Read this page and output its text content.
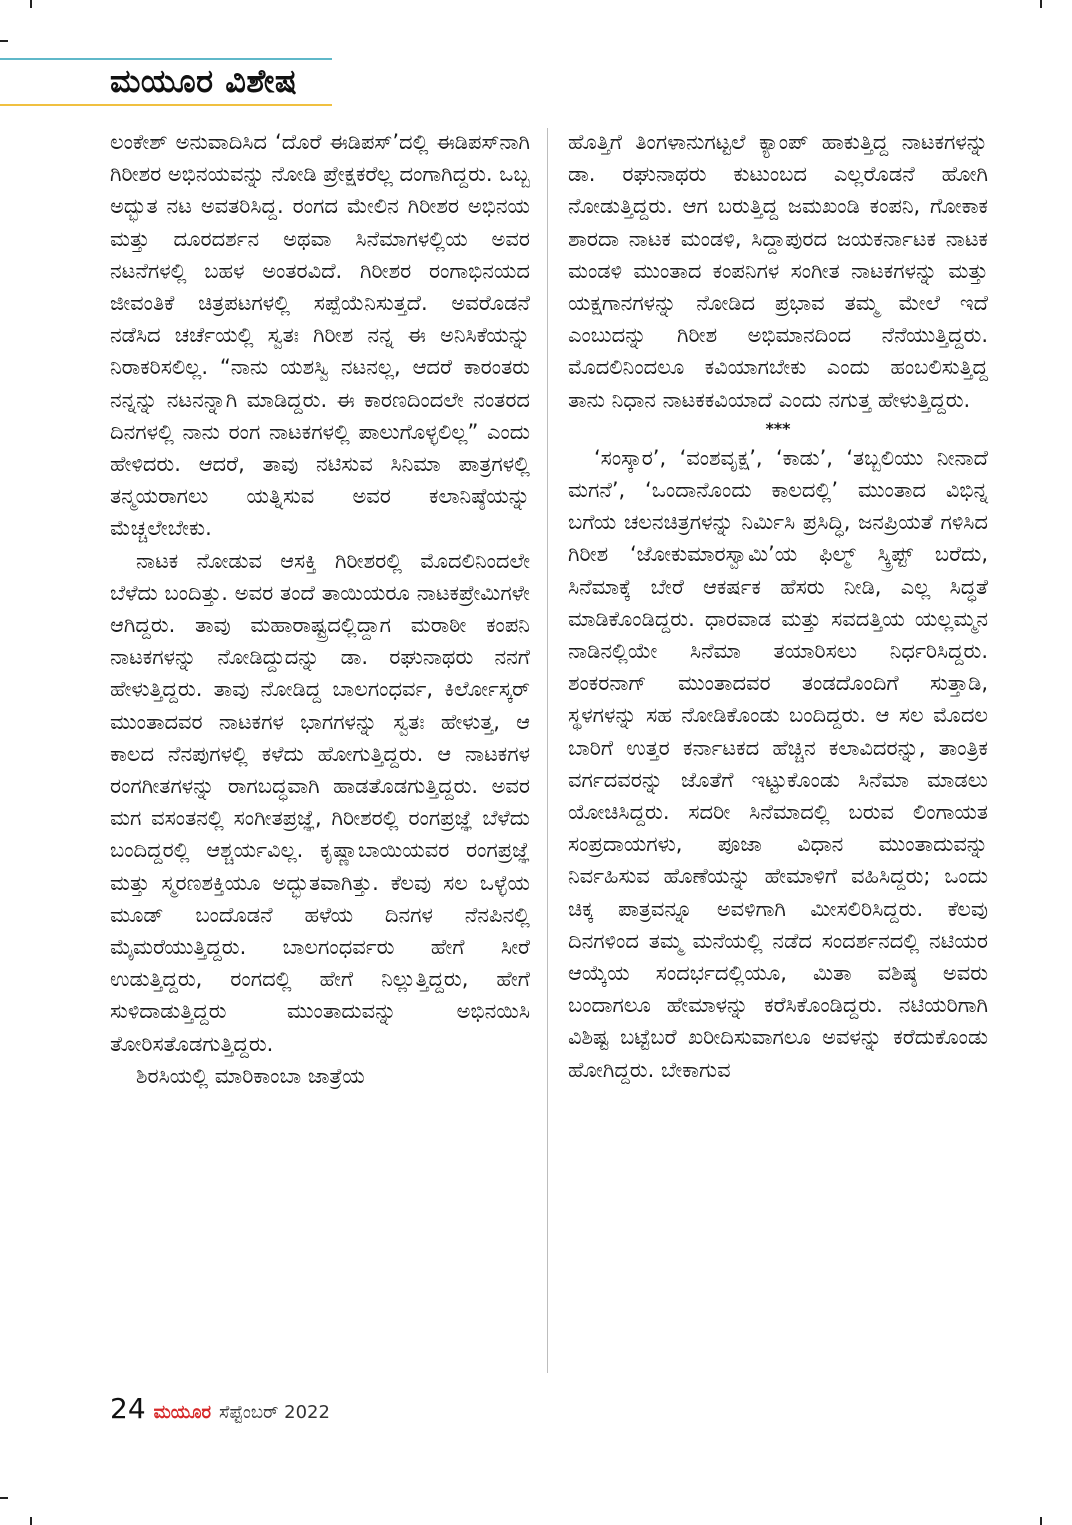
ಮಯೂರ ವಿಶೇಷ

ಲಂಕೇಶ್ ಅನುವಾದಿಸಿದ ‘ದೊರೆ ಈಡಿಪಸ್’ದಲ್ಲಿ ಈಡಿಪಸ್‌ನಾಗಿ ಗಿರೀಶರ ಅಭಿನಯವನ್ನು ನೋಡಿ ಪ್ರೇಕ್ಷಕರೆಲ್ಲ ದಂಗಾಗಿದ್ದರು. ಒಬ್ಬ ಅದ್ಭುತ ನಟ ಅವತರಿಸಿದ್ದ. ರಂಗದ ಮೇಲಿನ ಗಿರೀಶರ ಅಭಿನಯ ಮತ್ತು ದೂರದರ್ಶನ ಅಥವಾ ಸಿನೆಮಾಗಳಲ್ಲಿಯ ಅವರ ನಟನೆಗಳಲ್ಲಿ ಬಹಳ ಅಂತರವಿದೆ. ಗಿರೀಶರ ರಂಗಾಭಿನಯದ ಜೀವಂತಿಕೆ ಚಿತ್ರಪಟಗಳಲ್ಲಿ ಸಪ್ಪೆಯೆನಿಸುತ್ತದೆ. ಅವರೊಡನೆ ನಡೆಸಿದ ಚರ್ಚೆಯಲ್ಲಿ ಸ್ವತಃ ಗಿರೀಶ ನನ್ನ ಈ ಅನಿಸಿಕೆಯನ್ನು ನಿರಾಕರಿಸಲಿಲ್ಲ. “ನಾನು ಯಶಸ್ವಿ ನಟನಲ್ಲ, ಆದರೆ ಕಾರಂತರು ನನ್ನನ್ನು ನಟನನ್ನಾಗಿ ಮಾಡಿದ್ದರು. ಈ ಕಾರಣದಿಂದಲೇ ನಂತರದ ದಿನಗಳಲ್ಲಿ ನಾನು ರಂಗ ನಾಟಕಗಳಲ್ಲಿ ಪಾಲುಗೊಳ್ಳಲಿಲ್ಲ” ಎಂದು ಹೇಳಿದರು. ಆದರೆ, ತಾವು ನಟಿಸುವ ಸಿನಿಮಾ ಪಾತ್ರಗಳಲ್ಲಿ ತನ್ಮಯರಾಗಲು ಯತ್ನಿಸುವ ಅವರ ಕಲಾನಿಷ್ಠೆಯನ್ನು ಮೆಚ್ಚಲೇಬೇಕು.

ನಾಟಕ ನೋಡುವ ಆಸಕ್ತಿ ಗಿರೀಶರಲ್ಲಿ ಮೊದಲಿನಿಂದಲೇ ಬೆಳೆದು ಬಂದಿತ್ತು. ಅವರ ತಂದೆ ತಾಯಿಯರೂ ನಾಟಕಪ್ರೇಮಿಗಳೇ ಆಗಿದ್ದರು. ತಾವು ಮಹಾರಾಷ್ಟ್ರದಲ್ಲಿದ್ದಾಗ ಮರಾಠೀ ಕಂಪನಿ ನಾಟಕಗಳನ್ನು ನೋಡಿದ್ದುದನ್ನು ಡಾ. ರಘುನಾಥರು ನನಗೆ ಹೇಳುತ್ತಿದ್ದರು. ತಾವು ನೋಡಿದ್ದ ಬಾಲಗಂಧರ್ವ, ಕಿರ್ಲೋಸ್ಕರ್ ಮುಂತಾದವರ ನಾಟಕಗಳ ಭಾಗಗಳನ್ನು ಸ್ವತಃ ಹೇಳುತ್ತ, ಆ ಕಾಲದ ನೆನಪುಗಳಲ್ಲಿ ಕಳೆದು ಹೋಗುತ್ತಿದ್ದರು. ಆ ನಾಟಕಗಳ ರಂಗಗೀತಗಳನ್ನು ರಾಗಬದ್ಧವಾಗಿ ಹಾಡತೊಡಗುತ್ತಿದ್ದರು. ಅವರ ಮಗ ವಸಂತನಲ್ಲಿ ಸಂಗೀತಪ್ರಜ್ಞೆ, ಗಿರೀಶರಲ್ಲಿ ರಂಗಪ್ರಜ್ಞೆ ಬೆಳೆದು ಬಂದಿದ್ದರಲ್ಲಿ ಆಶ್ಚರ್ಯವಿಲ್ಲ. ಕೃಷ್ಣಾಬಾಯಿಯವರ ರಂಗಪ್ರಜ್ಞೆ ಮತ್ತು ಸ್ಮರಣಶಕ್ತಿಯೂ ಅದ್ಭುತವಾಗಿತ್ತು. ಕೆಲವು ಸಲ ಒಳ್ಳೆಯ ಮೂಡ್ ಬಂದೊಡನೆ ಹಳೆಯ ದಿನಗಳ ನೆನಪಿನಲ್ಲಿ ಮೈಮರೆಯುತ್ತಿದ್ದರು. ಬಾಲಗಂಧರ್ವರು ಹೇಗೆ ಸೀರೆ ಉಡುತ್ತಿದ್ದರು, ರಂಗದಲ್ಲಿ ಹೇಗೆ ನಿಲ್ಲುತ್ತಿದ್ದರು, ಹೇಗೆ ಸುಳಿದಾಡುತ್ತಿದ್ದರು ಮುಂತಾದುವನ್ನು ಅಭಿನಯಿಸಿ ತೋರಿಸತೊಡಗುತ್ತಿದ್ದರು.

ಶಿರಸಿಯಲ್ಲಿ ಮಾರಿಕಾಂಬಾ ಜಾತ್ರೆಯ

ಹೊತ್ತಿಗೆ ತಿಂಗಳಾನುಗಟ್ಟಲೆ ಕ್ಯಾಂಪ್ ಹಾಕುತ್ತಿದ್ದ ನಾಟಕಗಳನ್ನು ಡಾ. ರಘುನಾಥರು ಕುಟುಂಬದ ಎಲ್ಲರೊಡನೆ ಹೋಗಿ ನೋಡುತ್ತಿದ್ದರು. ಆಗ ಬರುತ್ತಿದ್ದ ಜಮಖಂಡಿ ಕಂಪನಿ, ಗೋಕಾಕ ಶಾರದಾ ನಾಟಕ ಮಂಡಳಿ, ಸಿದ್ದಾಪುರದ ಜಯಕರ್ನಾಟಕ ನಾಟಕ ಮಂಡಳಿ ಮುಂತಾದ ಕಂಪನಿಗಳ ಸಂಗೀತ ನಾಟಕಗಳನ್ನು ಮತ್ತು ಯಕ್ಷಗಾನಗಳನ್ನು ನೋಡಿದ ಪ್ರಭಾವ ತಮ್ಮ ಮೇಲೆ ಇದೆ ಎಂಬುದನ್ನು ಗಿರೀಶ ಅಭಿಮಾನದಿಂದ ನೆನೆಯುತ್ತಿದ್ದರು. ಮೊದಲಿನಿಂದಲೂ ಕವಿಯಾಗಬೇಕು ಎಂದು ಹಂಬಲಿಸುತ್ತಿದ್ದ ತಾನು ನಿಧಾನ ನಾಟಕಕವಿಯಾದೆ ಎಂದು ನಗುತ್ತ ಹೇಳುತ್ತಿದ್ದರು.

***

‘ಸಂಸ್ಕಾರ’, ‘ವಂಶವೃಕ್ಷ’, ‘ಕಾಡು’, ‘ತಬ್ಬಲಿಯು ನೀನಾದೆ ಮಗನೆ’, ‘ಒಂದಾನೊಂದು ಕಾಲದಲ್ಲಿ’ ಮುಂತಾದ ವಿಭಿನ್ನ ಬಗೆಯ ಚಲನಚಿತ್ರಗಳನ್ನು ನಿರ್ಮಿಸಿ ಪ್ರಸಿದ್ಧಿ, ಜನಪ್ರಿಯತೆ ಗಳಿಸಿದ ಗಿರೀಶ ‘ಜೋಕುಮಾರಸ್ವಾಮಿ’ಯ ಫಿಲ್ಮ್ ಸ್ಕ್ರಿಪ್ಟ್ ಬರೆದು, ಸಿನೆಮಾಕ್ಕೆ ಬೇರೆ ಆಕರ್ಷಕ ಹೆಸರು ನೀಡಿ, ಎಲ್ಲ ಸಿದ್ಧತೆ ಮಾಡಿಕೊಂಡಿದ್ದರು. ಧಾರವಾಡ ಮತ್ತು ಸವದತ್ತಿಯ ಯಲ್ಲಮ್ಮನ ನಾಡಿನಲ್ಲಿಯೇ ಸಿನೆಮಾ ತಯಾರಿಸಲು ನಿರ್ಧರಿಸಿದ್ದರು. ಶಂಕರನಾಗ್ ಮುಂತಾದವರ ತಂಡದೊಂದಿಗೆ ಸುತ್ತಾಡಿ, ಸ್ಥಳಗಳನ್ನು ಸಹ ನೋಡಿಕೊಂಡು ಬಂದಿದ್ದರು. ಆ ಸಲ ಮೊದಲ ಬಾರಿಗೆ ಉತ್ತರ ಕರ್ನಾಟಕದ ಹೆಚ್ಚಿನ ಕಲಾವಿದರನ್ನು, ತಾಂತ್ರಿಕ ವರ್ಗದವರನ್ನು ಜೊತೆಗೆ ಇಟ್ಟುಕೊಂಡು ಸಿನೆಮಾ ಮಾಡಲು ಯೋಚಿಸಿದ್ದರು. ಸದರೀ ಸಿನೆಮಾದಲ್ಲಿ ಬರುವ ಲಿಂಗಾಯತ ಸಂಪ್ರದಾಯಗಳು, ಪೂಜಾ ವಿಧಾನ ಮುಂತಾದುವನ್ನು ನಿರ್ವಹಿಸುವ ಹೊಣೆಯನ್ನು ಹೇಮಾಳಿಗೆ ವಹಿಸಿದ್ದರು; ಒಂದು ಚಿಕ್ಕ ಪಾತ್ರವನ್ನೂ ಅವಳಿಗಾಗಿ ಮೀಸಲಿರಿಸಿದ್ದರು. ಕೆಲವು ದಿನಗಳಿಂದ ತಮ್ಮ ಮನೆಯಲ್ಲಿ ನಡೆದ ಸಂದರ್ಶನದಲ್ಲಿ ನಟಿಯರ ಆಯ್ಕೆಯ ಸಂದರ್ಭದಲ್ಲಿಯೂ, ಮಿತಾ ವಶಿಷ್ಠ ಅವರು ಬಂದಾಗಲೂ ಹೇಮಾಳನ್ನು ಕರೆಸಿಕೊಂಡಿದ್ದರು. ನಟಿಯರಿಗಾಗಿ ವಿಶಿಷ್ಟ ಬಟ್ಟೆಬರೆ ಖರೀದಿಸುವಾಗಲೂ ಅವಳನ್ನು ಕರೆದುಕೊಂಡು ಹೋಗಿದ್ದರು. ಬೇಕಾಗುವ

24 ಮಯೂರ ಸೆಪ್ಟೆಂಬರ್ 2022
